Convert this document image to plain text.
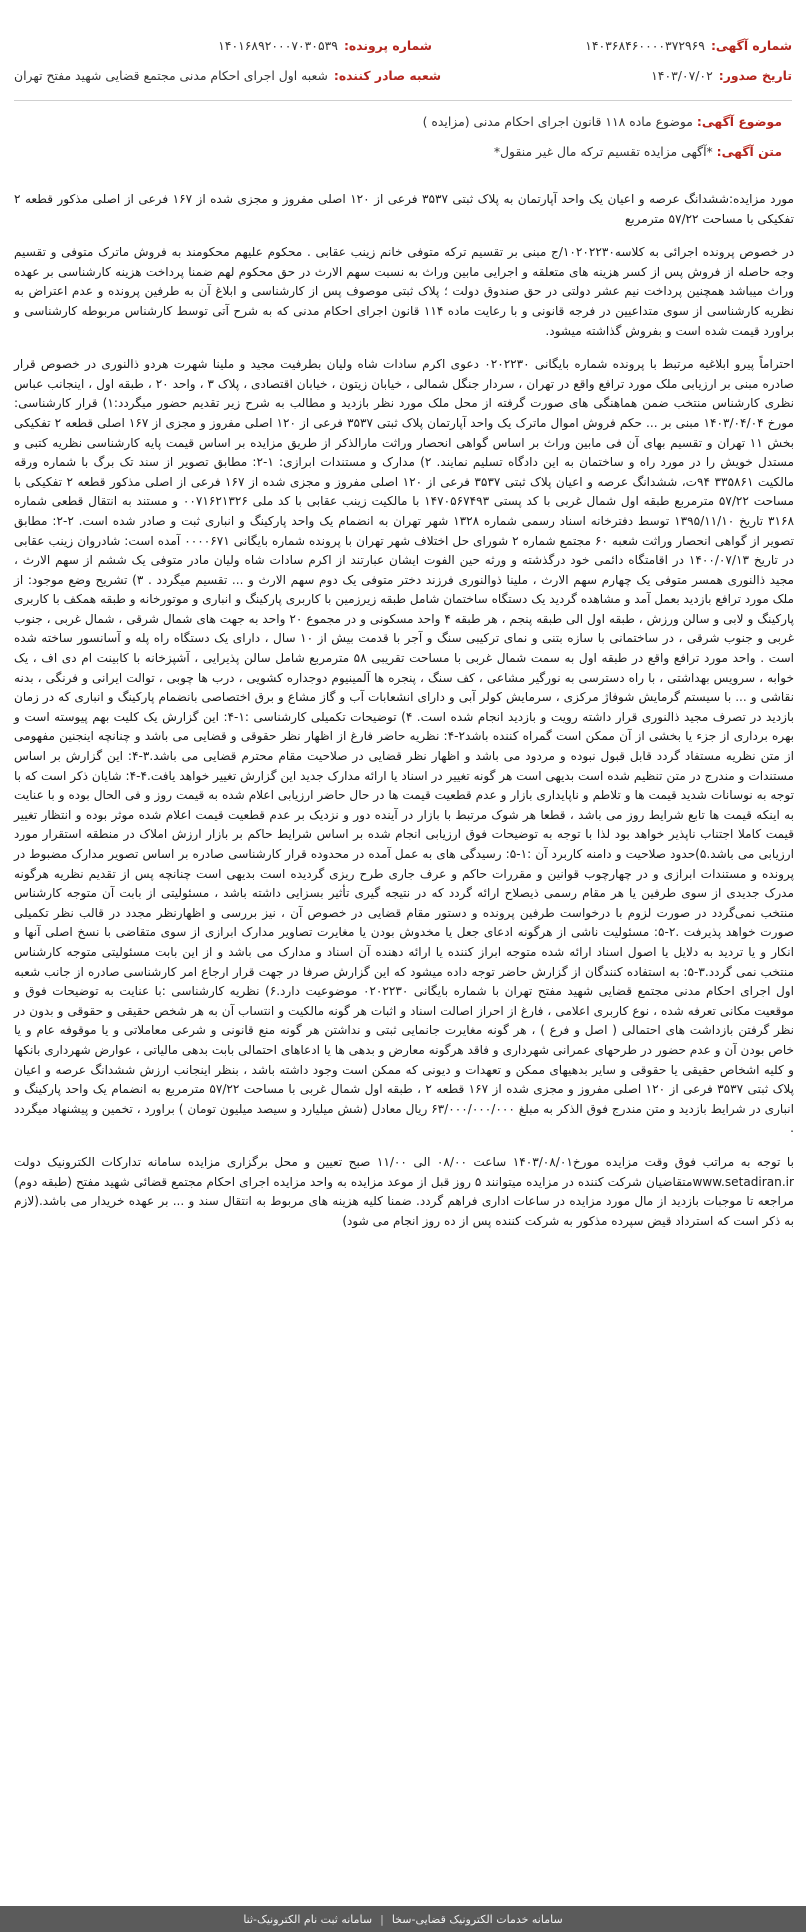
شماره آگهی:
۱۴۰۳۶۸۴۶۰۰۰۰۳۷۲۹۶۹
شماره پرونده:
۱۴۰۱۶۸۹۲۰۰۰۷۰۳۰۵۳۹
تاریخ صدور:
۱۴۰۳/۰۷/۰۲
شعبه صادر کننده:
شعبه اول اجرای احکام مدنی مجتمع قضایی شهید مفتح تهران
موضوع آگهی: موضوع ماده ۱۱۸ قانون اجرای احکام مدنی (مزایده )
متن آگهی: *آگهی مزایده تقسیم ترکه مال غیر منقول*

مورد مزایده:ششدانگ عرصه و اعیان یک واحد آپارتمان به پلاک ثبتی ۳۵۳۷ فرعی از ۱۲۰ اصلی مفروز و مجزی شده از ۱۶۷ فرعی از اصلی مذکور قطعه ۲ تفکیکی با مساحت ۵۷/۲۲ مترمربع

در خصوص پرونده اجرائی به کلاسه۱۰۲۰۲۲۳۰/ج مبنی بر تقسیم ترکه متوفی خانم زینب عقابی . محکوم علیهم محکومند به فروش ماترک متوفی و تقسیم وجه حاصله از فروش پس از کسر هزینه های متعلقه و اجرایی مابین وراث به نسبت سهم الارث در حق محکوم لهم ضمنا پرداخت هزینه کارشناسی بر عهده وراث میباشد همچنین پرداخت نیم عشر دولتی در حق صندوق دولت ؛ پلاک ثبتی موصوف پس از کارشناسی و ابلاغ آن به طرفین پرونده و عدم اعتراض به نظریه کارشناسی از سوی متداعیین در فرجه قانونی و با رعایت ماده ۱۱۴ قانون اجرای احکام مدنی که به شرح آتی توسط کارشناس مربوطه کارشناسی و براورد قیمت شده است و بفروش گذاشته میشود.

احتراماً پیرو ابلاغیه مرتبط با پرونده شماره بایگانی ۰۲۰۲۲۳۰ دعوی اکرم سادات شاه ولیان بطرفیت مجید و ملینا شهرت هردو ذالنوری در خصوص قرار صادره مبنی بر ارزیابی ملک مورد ترافع واقع در تهران ، سردار جنگل شمالی ، خیابان زیتون ، خیابان اقتصادی ، پلاک ۳ ، واحد ۲۰ ، طبقه اول ، اینجانب عباس نظری کارشناس منتخب ضمن هماهنگی های صورت گرفته از محل ملک مورد نظر بازدید و مطالب به شرح زیر تقدیم حضور میگردد:۱) قرار کارشناسی: مورخ ۱۴۰۳/۰۴/۰۴ مبنی بر ... حکم فروش اموال ماترک یک واحد آپارتمان پلاک ثبتی ۳۵۳۷ فرعی از ۱۲۰ اصلی مفروز و مجزی از ۱۶۷ اصلی قطعه ۲ تفکیکی بخش ۱۱ تهران و تقسیم بهای آن فی مابین وراث بر اساس گواهی انحصار وراثت مارالذکر از طریق مزایده بر اساس قیمت پایه کارشناسی نظریه کتبی و مستدل خویش را در مورد راه و ساختمان به این دادگاه تسلیم نمایند. ۲) مدارک و مستندات ابرازی: ۱-۲: مطابق تصویر از سند تک برگ با شماره ورقه مالکیت ۳۳۵۸۶۱ ۹۴ت، ششدانگ عرصه و اعیان پلاک ثبتی ۳۵۳۷ فرعی از ۱۲۰ اصلی مفروز و مجزی شده از ۱۶۷ فرعی از اصلی مذکور قطعه ۲ تفکیکی با مساحت ۵۷/۲۲ مترمربع طبقه اول شمال غربی با کد پستی ۱۴۷۰۵۶۷۴۹۳ با مالکیت زینب عقابی با کد ملی ۰۰۷۱۶۲۱۳۲۶ و مستند به انتقال قطعی شماره ۳۱۶۸ تاریخ ۱۳۹۵/۱۱/۱۰ توسط دفترخانه اسناد رسمی شماره ۱۳۲۸ شهر تهران به انضمام یک واحد پارکینگ و انباری ثبت و صادر شده است. ۲-۲: مطابق تصویر از گواهی انحصار وراثت شعبه ۶۰ مجتمع شماره ۲ شورای حل اختلاف شهر تهران با پرونده شماره بایگانی ۰۰۰۰۶۷۱ آمده است: شادروان زینب عقابی در تاریخ ۱۴۰۰/۰۷/۱۳ در اقامتگاه دائمی خود درگذشته و ورثه حین الفوت ایشان عبارتند از اکرم سادات شاه ولیان مادر متوفی یک ششم از سهم الارث ، مجید ذالنوری همسر متوفی یک چهارم سهم الارث ، ملینا ذوالنوری فرزند دختر متوفی یک دوم سهم الارث و ... تقسیم میگردد . ۳) تشریح وضع موجود: از ملک مورد ترافع بازدید بعمل آمد و مشاهده گردید یک دستگاه ساختمان شامل طبقه زیرزمین با کاربری پارکینگ و انباری و موتورخانه و طبقه همکف با کاربری پارکینگ و لابی و سالن ورزش ، طبقه اول الی طبقه پنجم ، هر طبقه ۴ واحد مسکونی و در مجموع ۲۰ واحد به جهت های شمال شرقی ، شمال غربی ، جنوب غربی و جنوب شرقی ، در ساختمانی با سازه بتنی و نمای ترکیبی سنگ و آجر با قدمت بیش از ۱۰ سال ، دارای یک دستگاه راه پله و آسانسور ساخته شده است . واحد مورد ترافع واقع در طبقه اول به سمت شمال غربی با مساحت تقریبی ۵۸ مترمربع شامل سالن پذیرایی ، آشپزخانه با کابینت ام دی اف ، یک خوابه ، سرویس بهداشتی ، با راه دسترسی به نورگیر مشاعی ، کف سنگ ، پنجره ها آلمینیوم دوجداره کشویی ، درب ها چوبی ، توالت ایرانی و فرنگی ، بدنه نقاشی و ... با سیستم گرمایش شوفاژ مرکزی ، سرمایش کولر آبی و دارای انشعابات آب و گاز مشاع و برق اختصاصی بانضمام پارکینگ و انباری که در زمان بازدید در تصرف مجید ذالنوری قرار داشته رویت و بازدید انجام شده است. ۴) توضیحات تکمیلی کارشناسی :۱-۴: این گزارش یک کلیت بهم پیوسته است و بهره برداری از جزء یا بخشی از آن ممکن است گمراه کننده باشد۲-۴: نظریه حاضر فارغ از اظهار نظر حقوقی و قضایی می باشد و چنانچه اینجنین مفهومی از متن نظریه مستفاد گردد قابل قبول نبوده و مردود می باشد و اظهار نظر قضایی در صلاحیت مقام محترم قضایی می باشد.۳-۴: این گزارش بر اساس مستندات و مندرج در متن تنظیم شده است بدیهی است هر گونه تغییر در اسناد یا ارائه مدارک جدید این گزارش تغییر خواهد یافت.۴-۴: شایان ذکر است که با توجه به نوسانات شدید قیمت ها و تلاطم و ناپایداری بازار و عدم قطعیت قیمت ها در حال حاضر ارزیابی اعلام شده به قیمت روز و فی الحال بوده و با عنایت به اینکه قیمت ها تابع شرایط روز می باشد ، قطعا هر شوک مرتبط با بازار در آینده دور و نزدیک بر عدم قطعیت قیمت اعلام شده موثر بوده و انتظار تغییر قیمت کاملا اجتناب ناپذیر خواهد بود لذا با توجه به توضیحات فوق ارزیابی انجام شده بر اساس شرایط حاکم بر بازار ارزش املاک در منطقه استقرار مورد ارزیابی می باشد.۵)حدود صلاحیت و دامنه کاربرد آن :۱-۵: رسیدگی های به عمل آمده در محدوده قرار کارشناسی صادره بر اساس تصویر مدارک مضبوط در پرونده و مستندات ابرازی و در چهارچوب قوانین و مقررات حاکم و عرف جاری طرح ریزی گردیده است بدیهی است چنانچه پس از تقدیم نظریه هرگونه مدرک جدیدی از سوی طرفین یا هر مقام رسمی ذیصلاح ارائه گردد که در نتیجه گیری تأثیر بسزایی داشته باشد ، مسئولیتی از بابت آن متوجه کارشناس منتخب نمی‌گردد در صورت لزوم با درخواست طرفین پرونده و دستور مقام قضایی در خصوص آن ، نیز بررسی و اظهارنظر مجدد در قالب نظر تکمیلی صورت خواهد پذیرفت .۲-۵: مسئولیت ناشی از هرگونه ادعای جعل یا مخدوش بودن یا مغایرت تصاویر مدارک ابرازی از سوی متقاضی با نسخ اصلی آنها و انکار و یا تردید به دلایل یا اصول اسناد ارائه شده متوجه ابراز کننده یا ارائه دهنده آن اسناد و مدارک می باشد و از این بابت مسئولیتی متوجه کارشناس منتخب نمی گردد.۳-۵: به استفاده کنندگان از گزارش حاضر توجه داده میشود که این گزارش صرفا در جهت قرار ارجاع امر کارشناسی صادره از جانب شعبه اول اجرای احکام مدنی مجتمع قضایی شهید مفتح تهران با شماره بایگانی ۰۲۰۲۲۳۰ موضوعیت دارد.۶) نظریه کارشناسی :با عنایت به توضیحات فوق و موقعیت مکانی تعرفه شده ، نوع کاربری اعلامی ، فارغ از احراز اصالت اسناد و اثبات هر گونه مالکیت و انتساب آن به هر شخص حقیقی و حقوقی و بدون در نظر گرفتن بازداشت های احتمالی ( اصل و فرع ) ، هر گونه مغایرت جانمایی ثبتی و نداشتن هر گونه منع قانونی و شرعی معاملاتی و یا موقوفه عام و یا خاص بودن آن و عدم حضور در طرحهای عمرانی شهرداری و فاقد هرگونه معارض و بدهی ها یا ادعاهای احتمالی بابت بدهی مالیاتی ، عوارض شهرداری بانکها و کلیه اشخاص حقیقی یا حقوقی و سایر بدهیهای ممکن و تعهدات و دیونی که ممکن است وجود داشته باشد ، بنظر اینجانب ارزش ششدانگ عرصه و اعیان پلاک ثبتی ۳۵۳۷ فرعی از ۱۲۰ اصلی مفروز و مجزی شده از ۱۶۷ قطعه ۲ ، طبقه اول شمال غربی با مساحت ۵۷/۲۲ مترمربع به انضمام یک واحد پارکینگ و انباری در شرایط بازدید و متن مندرج فوق الذکر به مبلغ ۶۳/۰۰۰/۰۰۰/۰۰۰ ریال معادل (شش میلیارد و سیصد میلیون تومان ) براورد ، تخمین و پیشنهاد میگردد .

با توجه به مراتب فوق وقت مزایده مورخ۱۴۰۳/۰۸/۰۱ ساعت ۰۸/۰۰ الی ۱۱/۰۰ صبح تعیین و محل برگزاری مزایده سامانه تدارکات الکترونیک دولت www.setadiran.irمتقاضیان شرکت کننده در مزایده میتوانند ۵ روز قبل از موعد مزایده به واحد مزایده اجرای احکام مجتمع قضائی شهید مفتح (طبقه دوم) مراجعه تا موجبات بازدید از مال مورد مزایده در ساعات اداری فراهم گردد. ضمنا کلیه هزینه های مربوط به انتقال سند و ... بر عهده خریدار می باشد.(لازم به ذکر است که استرداد قیض سپرده مذکور به شرکت کننده پس از ده روز انجام می شود)

سامانه خدمات الکترونیک قضایی-سخا
|
سامانه ثبت نام الکترونیک-ثنا
